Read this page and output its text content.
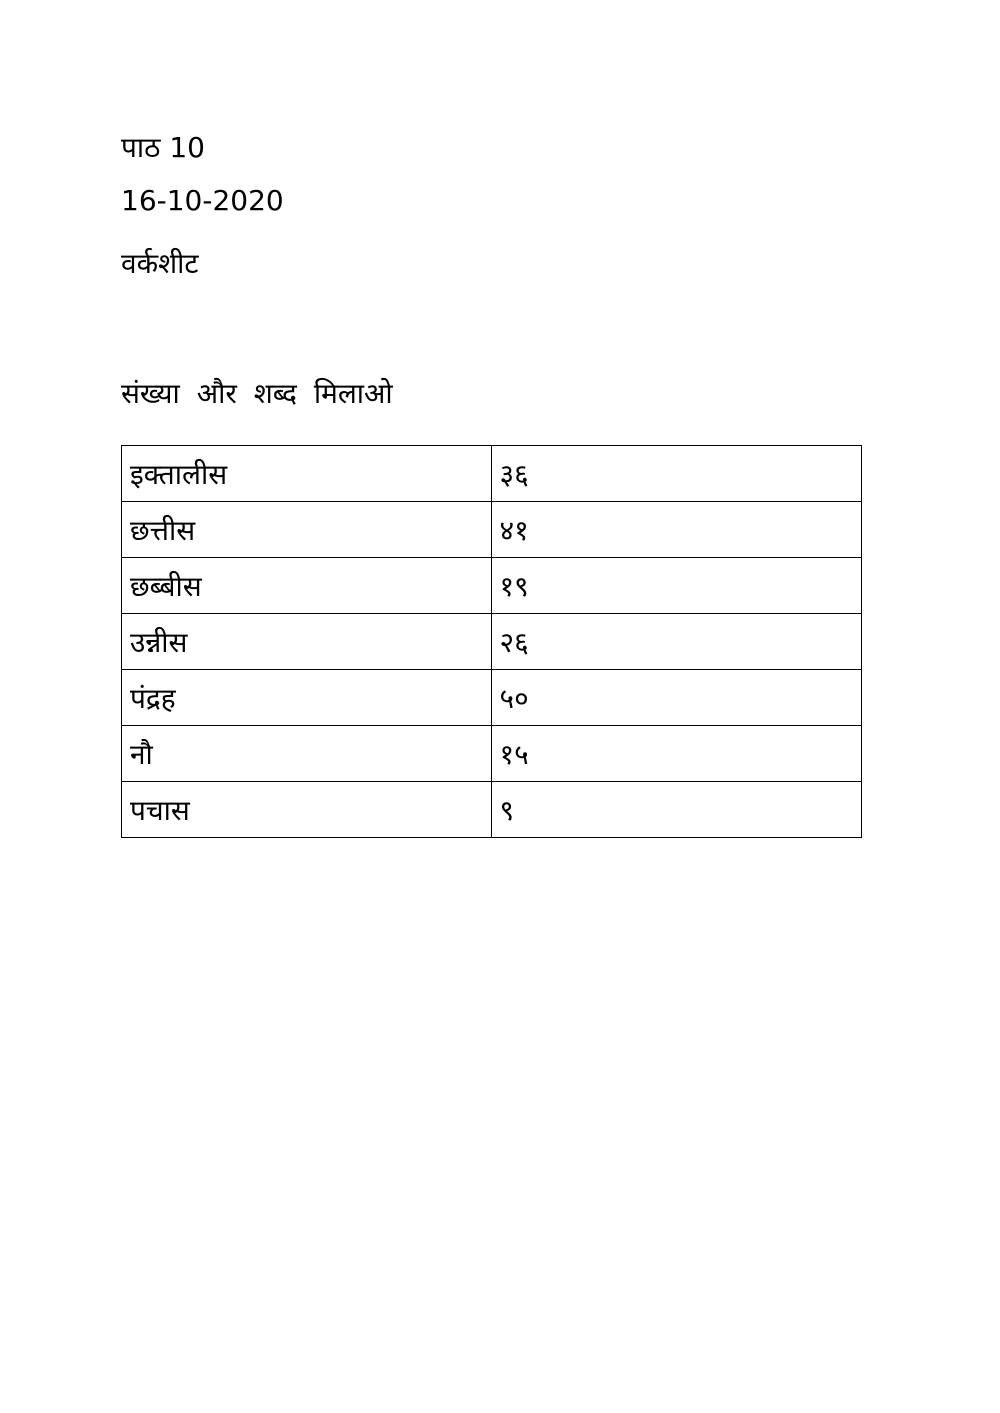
पाठ 10
16-10-2020
वर्कशीट
संख्या और शब्द मिलाओ
इक्तालीस	३६
छत्तीस	४१
छब्बीस	१९
उन्नीस	२६
पंद्रह	५०
नौ	१५
पचास	९
